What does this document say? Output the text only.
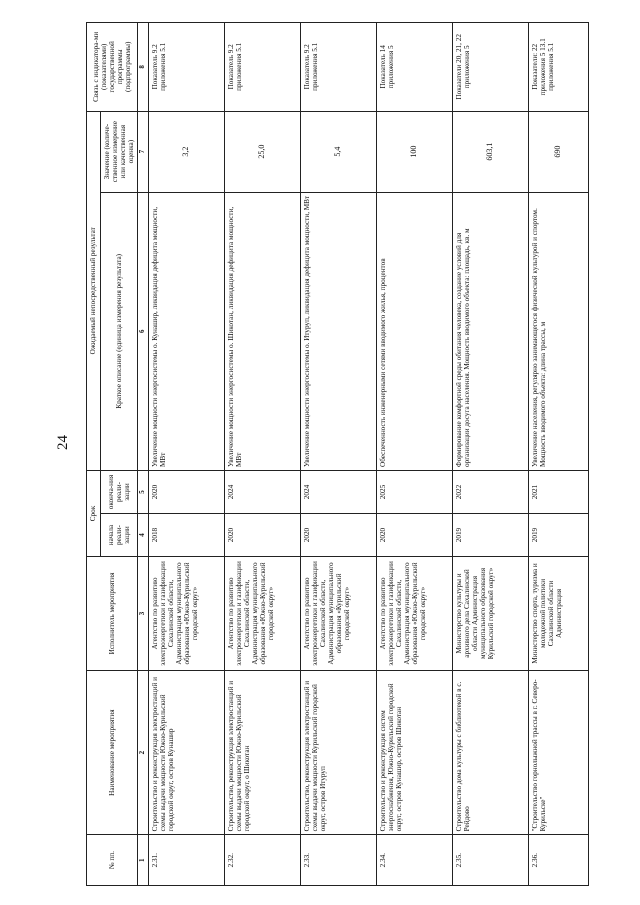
24
№ пп.	Наименование мероприятия	Исполнитель мероприятия	Срок		Ожидаемый непосредственный результат		Связь с индикатора-ми (показателями) государственной программы (подпрограммы)
			начала реали-зации	оконча-ния реали-зации	Краткое описание (единица измерения результата)	Значение (количе-ственное измерение или качественная оценка)	

1	2	3	4	5	6	7	8
2.31.	Строительство и реконструкция электростанций и схемы выдачи мощности Южно-Курильский городской округ, остров Кунашир	Агентство по развитию электроэнергетики и газификации Сахалинской области, Администрация муниципального образования «Южно-Курильский городской округ»	2018	2020	Увеличение мощности энергосистемы о. Кунашир, ликвидация дефицита мощности, МВт	3,2	Показатель 9.2 приложения 5.1
2.32.	Строительство, реконструкция электростанций и схемы выдачи мощности Южно-Курильский городской округ, о Шикотан	Агентство по развитию электроэнергетики и газификации Сахалинской области, Администрация муниципального образования «Южно-Курильский городской округ»	2020	2024	Увеличение мощности энергосистемы о. Шикотан, ликвидация дефицита мощности, МВт	25,0	Показатель 9.2 приложения 5.1
2.33.	Строительство, реконструкция электростанций и схемы выдачи мощности Курильский городской округ, остров Итуруп	Агентство по развитию электроэнергетики и газификации Сахалинской области, Администрация муниципального образования «Курильский городской округ»	2020	2024	Увеличение мощности энергосистемы о. Итуруп, ликвидация дефицита мощности, МВт	5,4	Показатель 9.2 приложения 5.1
2.34.	Строительство и реконструкция систем энергоснабжения, Южно-Курильский городской округ, остров Кунашир, остров Шикотан	Агентство по развитию электроэнергетики и газификации Сахалинской области, Администрация муниципального образования «Южно-Курильский городской округ»	2020	2025	Обеспеченность инженерными сетями вводимого жилья, процентов	100	Показатель 14 приложения 5
2.35.	Строительство дома культуры с библиотекой в с. Рейдово	Министерство культуры и архивного дела Сахалинской области Администрация муниципального образования Курильский городской округ»	2019	2022	Формирование комфортной среды обитания человека, создание условий для организации досуга населения. Мощность вводимого объекта: площадь, кв. м	603,1	Показатели 20, 21, 22 приложения 5
2.36.	"Строительство горнолыжной трассы в г. Северо-Курильске"	Министерство спорта, туризма и молодежной политики Сахалинской области Администрация	2019	2021	Увеличение населения, регулярно занимающегося физической культурой и спортом. Мощность вводимого объекта: длина трассы, м	690	Показатели: 22 приложения 5 13.1 приложения 5.1
